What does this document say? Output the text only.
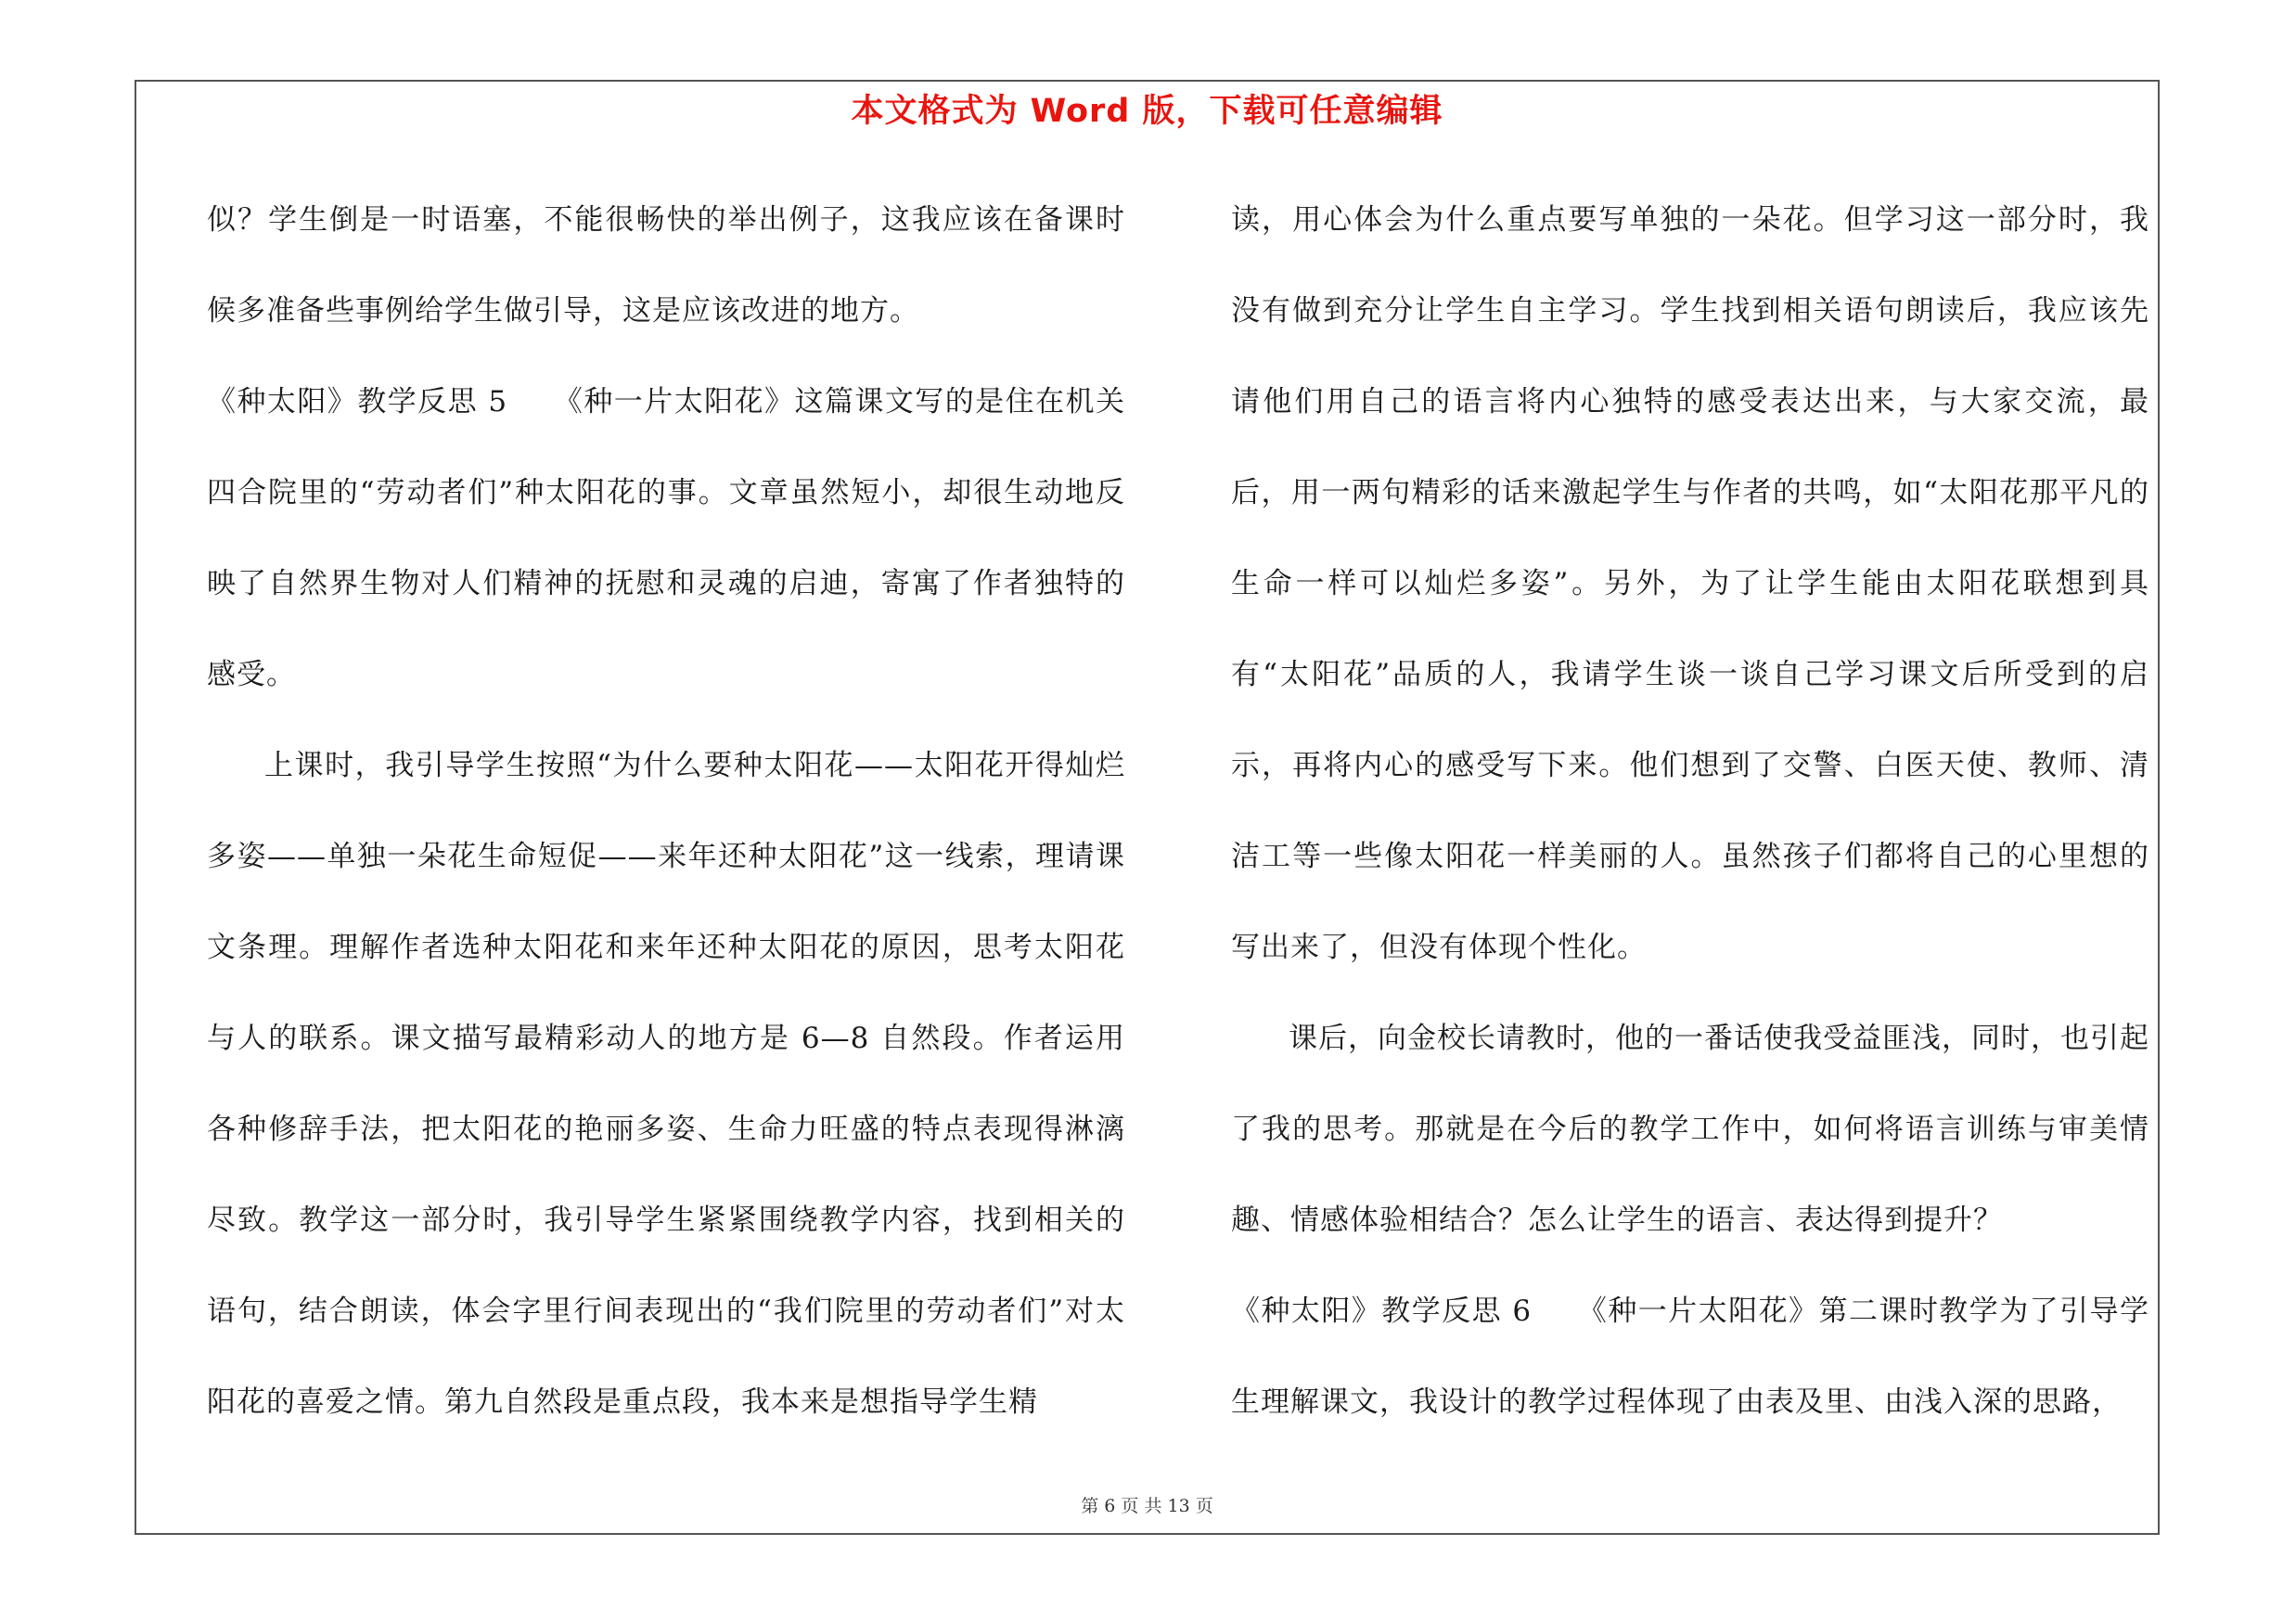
本文格式为 Word 版，下载可任意编辑

似？学生倒是一时语塞，不能很畅快的举出例子，这我应该在备课时候多准备些事例给学生做引导，这是应该改进的地方。

《种太阳》教学反思 5　　《种一片太阳花》这篇课文写的是住在机关四合院里的“劳动者们”种太阳花的事。文章虽然短小，却很生动地反映了自然界生物对人们精神的抚慰和灵魂的启迪，寄寓了作者独特的感受。

上课时，我引导学生按照“为什么要种太阳花——太阳花开得灿烂多姿——单独一朵花生命短促——来年还种太阳花”这一线索，理请课文条理。理解作者选种太阳花和来年还种太阳花的原因，思考太阳花与人的联系。课文描写最精彩动人的地方是 6—8 自然段。作者运用各种修辞手法，把太阳花的艳丽多姿、生命力旺盛的特点表现得淋漓尽致。教学这一部分时，我引导学生紧紧围绕教学内容，找到相关的语句，结合朗读，体会字里行间表现出的“我们院里的劳动者们”对太阳花的喜爱之情。第九自然段是重点段，我本来是想指导学生精

读，用心体会为什么重点要写单独的一朵花。但学习这一部分时，我没有做到充分让学生自主学习。学生找到相关语句朗读后，我应该先请他们用自己的语言将内心独特的感受表达出来，与大家交流，最后，用一两句精彩的话来激起学生与作者的共鸣，如“太阳花那平凡的生命一样可以灿烂多姿”。另外，为了让学生能由太阳花联想到具有“太阳花”品质的人，我请学生谈一谈自己学习课文后所受到的启示，再将内心的感受写下来。他们想到了交警、白医天使、教师、清洁工等一些像太阳花一样美丽的人。虽然孩子们都将自己的心里想的写出来了，但没有体现个性化。

课后，向金校长请教时，他的一番话使我受益匪浅，同时，也引起了我的思考。那就是在今后的教学工作中，如何将语言训练与审美情趣、情感体验相结合？怎么让学生的语言、表达得到提升？

《种太阳》教学反思 6　　《种一片太阳花》第二课时教学为了引导学生理解课文，我设计的教学过程体现了由表及里、由浅入深的思路，

第 6 页 共 13 页
